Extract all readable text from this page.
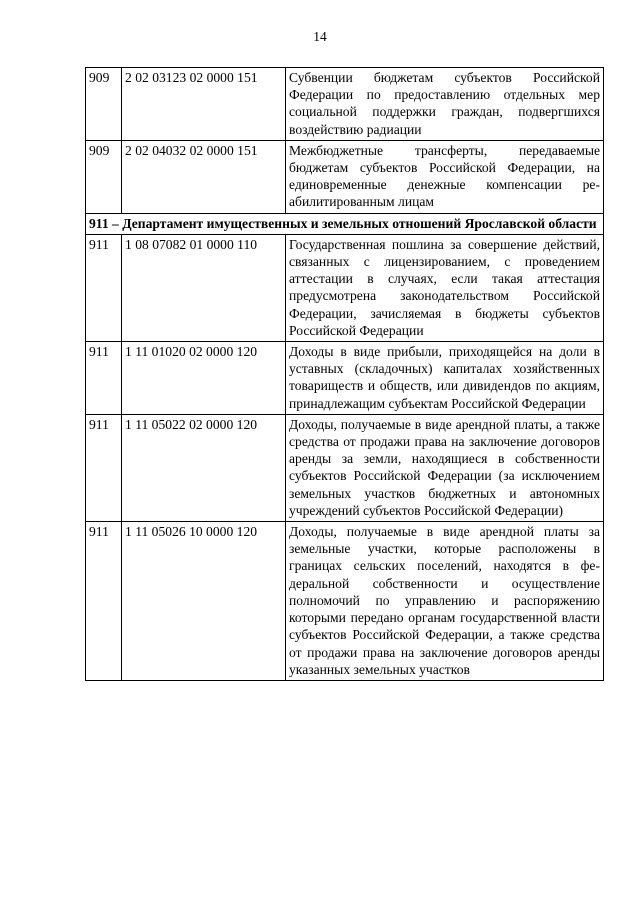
14
909	2 02 03123 02 0000 151	Субвенции бюджетам субъектов Российской Федерации по предоставлению отдельных мер социальной поддержки граждан, подвергшихся воздействию радиации
909	2 02 04032 02 0000 151	Межбюджетные трансферты, передаваемые бюджетам субъектов Российской Федерации, на единовременные денежные компенсации реабилитированным лицам
911 – Департамент имущественных и земельных отношений Ярославской области		
911	1 08 07082 01 0000 110	Государственная пошлина за совершение действий, связанных с лицензированием, с проведением аттестации в случаях, если такая аттестация предусмотрена законодательством Российской Федерации, зачисляемая в бюджеты субъектов Российской Федерации
911	1 11 01020 02 0000 120	Доходы в виде прибыли, приходящейся на доли в уставных (складочных) капиталах хозяйственных товариществ и обществ, или дивидендов по акциям, принадлежащим субъектам Российской Федерации
911	1 11 05022 02 0000 120	Доходы, получаемые в виде арендной платы, а также средства от продажи права на заключение договоров аренды за земли, находящиеся в собственности субъектов Российской Федерации (за исключением земельных участков бюджетных и автономных учреждений субъектов Российской Федерации)
911	1 11 05026 10 0000 120	Доходы, получаемые в виде арендной платы за земельные участки, которые расположены в границах сельских поселений, находятся в федеральной собственности и осуществление полномочий по управлению и распоряжению которыми передано органам государственной власти субъектов Российской Федерации, а также средства от продажи права на заключение договоров аренды указанных земельных участков
